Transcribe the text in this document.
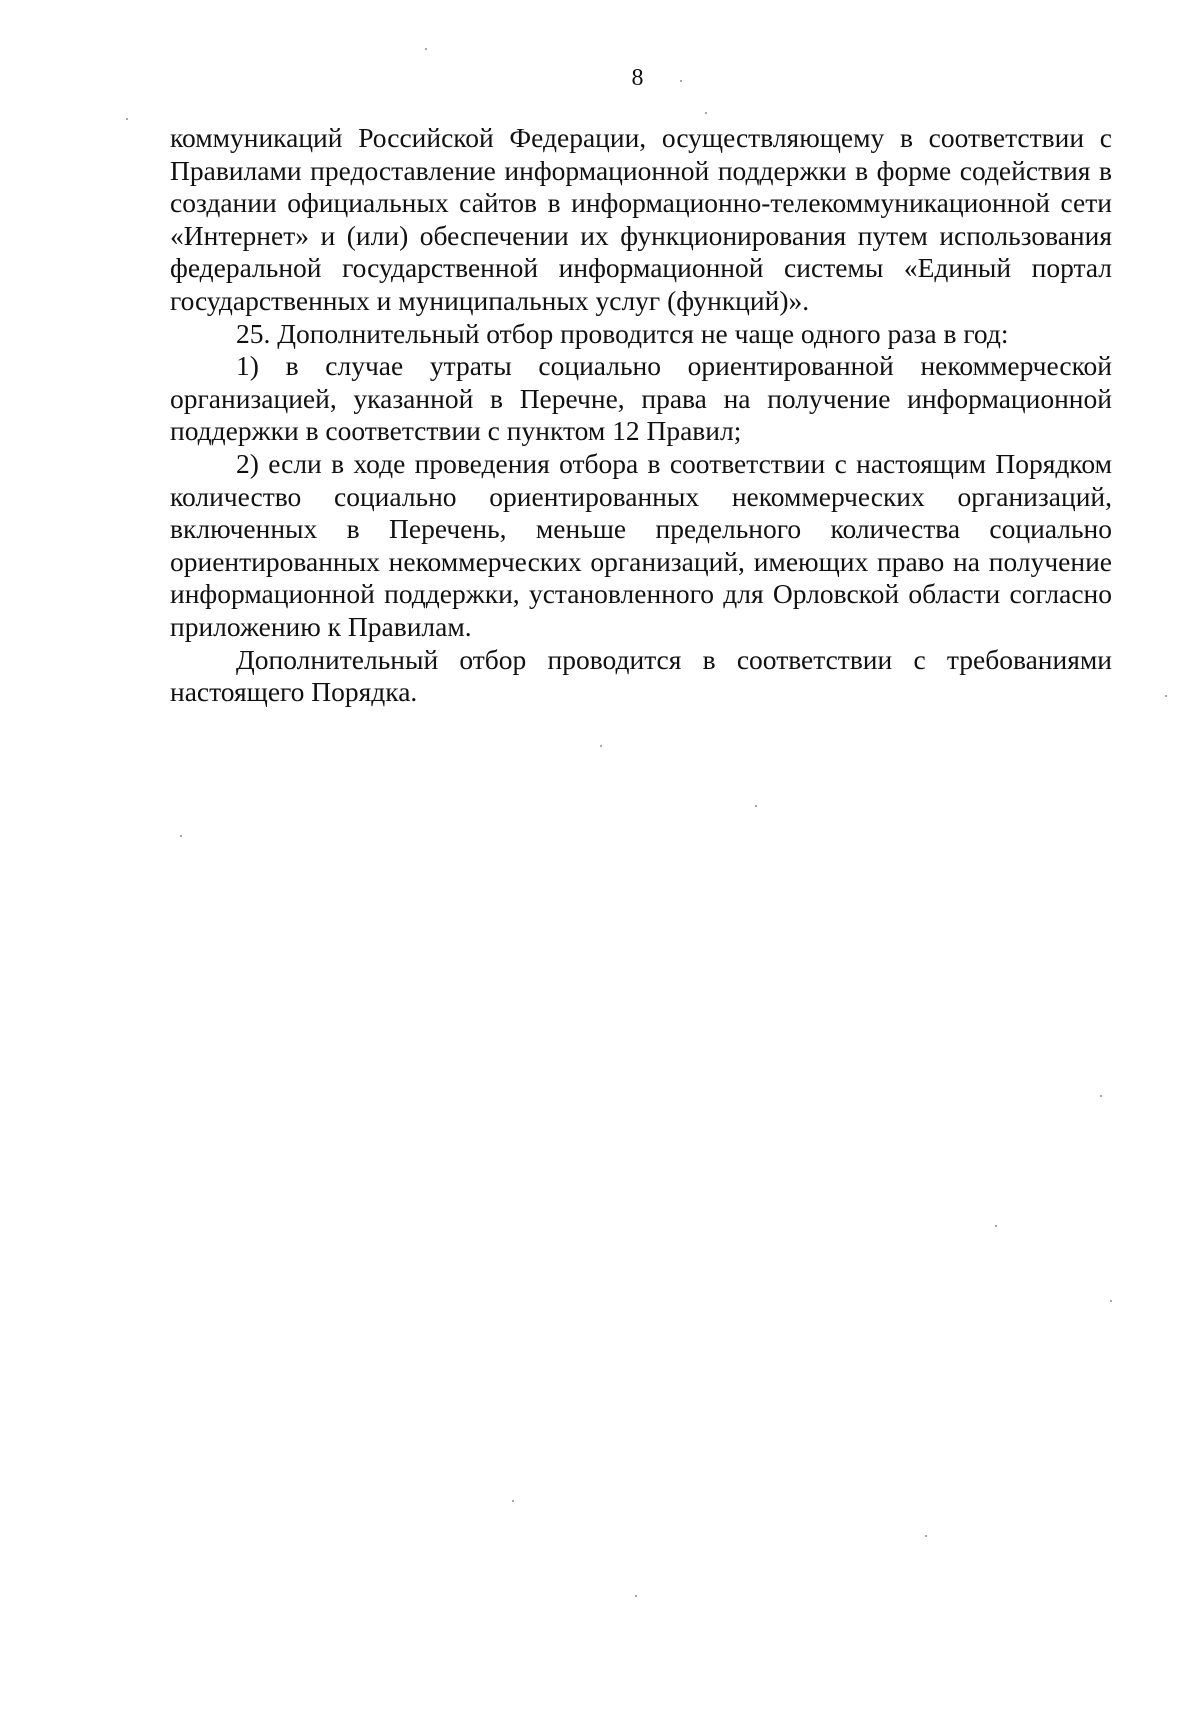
8

коммуникаций Российской Федерации, осуществляющему в соответствии с Правилами предоставление информационной поддержки в форме содействия в создании официальных сайтов в информационно-телекоммуникационной сети «Интернет» и (или) обеспечении их функционирования путем использования федеральной государственной информационной системы «Единый портал государственных и муниципальных услуг (функций)».

25. Дополнительный отбор проводится не чаще одного раза в год:

1) в случае утраты социально ориентированной некоммерческой организацией, указанной в Перечне, права на получение информационной поддержки в соответствии с пунктом 12 Правил;

2) если в ходе проведения отбора в соответствии с настоящим Порядком количество социально ориентированных некоммерческих организаций, включенных в Перечень, меньше предельного количества социально ориентированных некоммерческих организаций, имеющих право на получение информационной поддержки, установленного для Орловской области согласно приложению к Правилам.

Дополнительный отбор проводится в соответствии с требованиями настоящего Порядка.
